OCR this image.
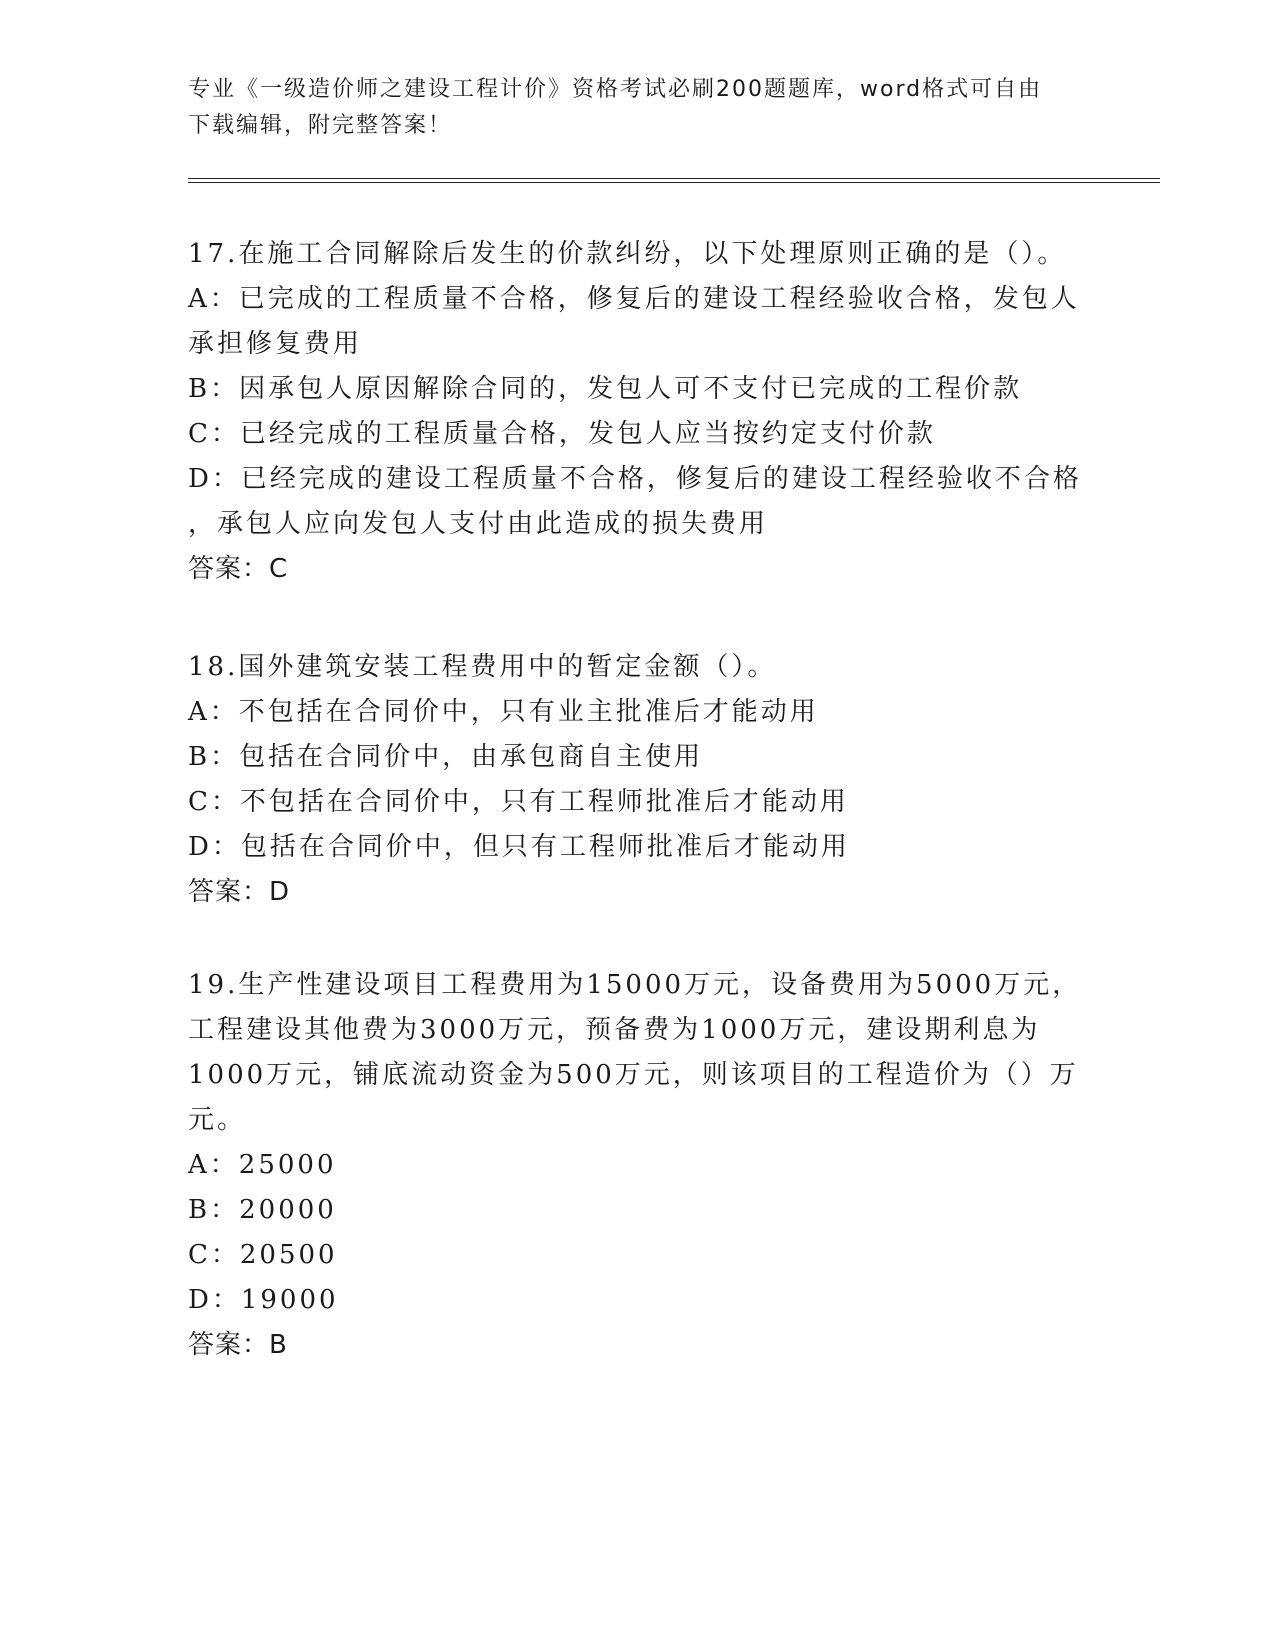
专业《一级造价师之建设工程计价》资格考试必刷200题题库，word格式可自由
下载编辑，附完整答案！
17.在施工合同解除后发生的价款纠纷，以下处理原则正确的是（）。
A：已完成的工程质量不合格，修复后的建设工程经验收合格，发包人
承担修复费用
B：因承包人原因解除合同的，发包人可不支付已完成的工程价款
C：已经完成的工程质量合格，发包人应当按约定支付价款
D：已经完成的建设工程质量不合格，修复后的建设工程经验收不合格
，承包人应向发包人支付由此造成的损失费用
答案：C
18.国外建筑安装工程费用中的暂定金额（）。
A：不包括在合同价中，只有业主批准后才能动用
B：包括在合同价中，由承包商自主使用
C：不包括在合同价中，只有工程师批准后才能动用
D：包括在合同价中，但只有工程师批准后才能动用
答案：D
19.生产性建设项目工程费用为15000万元，设备费用为5000万元，
工程建设其他费为3000万元，预备费为1000万元，建设期利息为
1000万元，铺底流动资金为500万元，则该项目的工程造价为（）万
元。
A：25000
B：20000
C：20500
D：19000
答案：B
